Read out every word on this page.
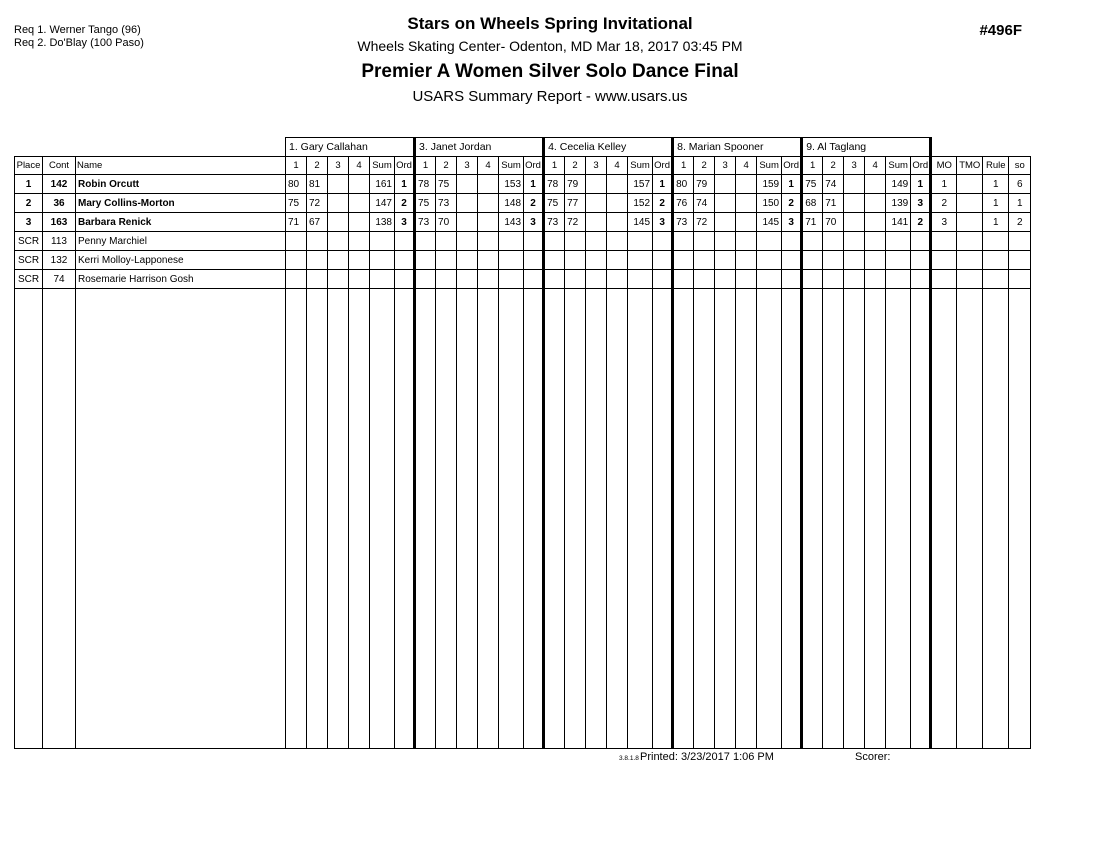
Req 1. Werner Tango (96)
Req 2. Do'Blay (100 Paso)
Stars on Wheels Spring Invitational
Wheels Skating Center- Odenton, MD Mar 18, 2017 03:45 PM
Premier A Women Silver Solo Dance Final
USARS Summary Report - www.usars.us
#496F
			1. Gary Callahan						3. Janet Jordan						4. Cecelia Kelley						8. Marian Spooner						9. Al Taglang									
Place	Cont	Name	1	2	3	4	Sum	Ord	1	2	3	4	Sum	Ord	1	2	3	4	Sum	Ord	1	2	3	4	Sum	Ord	1	2	3	4	Sum	Ord	MO	TMO	Rule	so
1	142	Robin Orcutt	80	81			161	1	78	75			153	1	78	79			157	1	80	79			159	1	75	74			149	1	1		1	6
2	36	Mary Collins-Morton	75	72			147	2	75	73			148	2	75	77			152	2	76	74			150	2	68	71			139	3	2		1	1
3	163	Barbara Renick	71	67			138	3	73	70			143	3	73	72			145	3	73	72			145	3	71	70			141	2	3		1	2
SCR	113	Penny Marchiel																																		
SCR	132	Kerri Molloy-Lapponese																																		
SCR	74	Rosemarie Harrison Gosh																																		

3.8.1.8 Printed: 3/23/2017 1:06 PM	Scorer:
